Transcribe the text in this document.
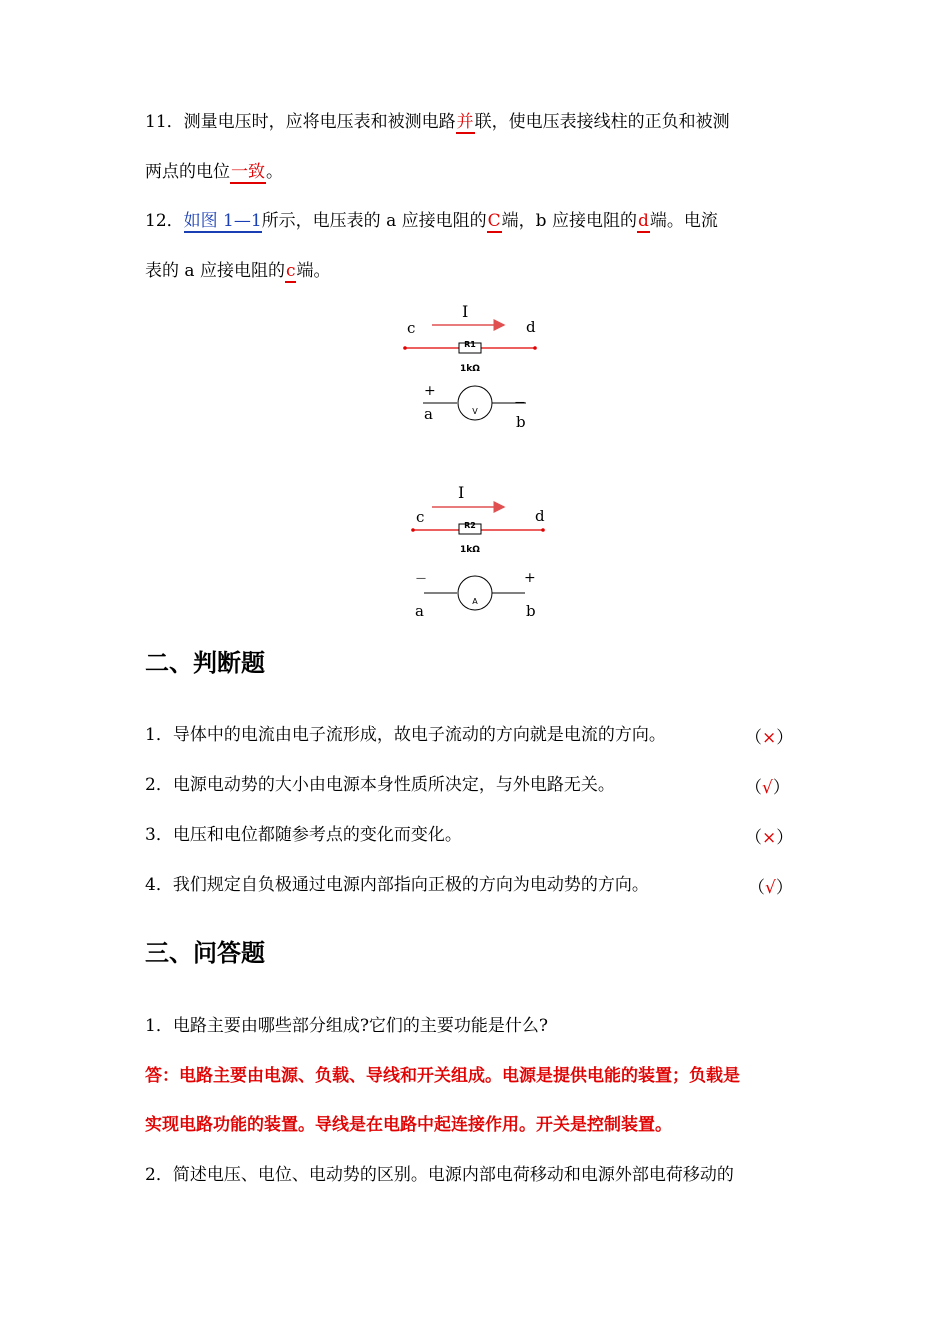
11．测量电压时，应将电压表和被测电路并联，使电压表接线柱的正负和被测
两点的电位一致。
12．如图 1—1所示，电压表的 a 应接电阻的C端，b 应接电阻的d端。电流
表的 a 应接电阻的c端。
I
c	d
R1
1kΩ
+
—
V
a	b
I
c	d
R2
1kΩ
—	+
A
a	b
二、判断题
1．导体中的电流由电子流形成，故电子流动的方向就是电流的方向。	（×）
2．电源电动势的大小由电源本身性质所决定，与外电路无关。	（√）
3．电压和电位都随参考点的变化而变化。	（×）
4．我们规定自负极通过电源内部指向正极的方向为电动势的方向。	（√）
三、问答题
1．电路主要由哪些部分组成?它们的主要功能是什么?
答：电路主要由电源、负载、导线和开关组成。电源是提供电能的装置；负载是
实现电路功能的装置。导线是在电路中起连接作用。开关是控制装置。
2．简述电压、电位、电动势的区别。电源内部电荷移动和电源外部电荷移动的
